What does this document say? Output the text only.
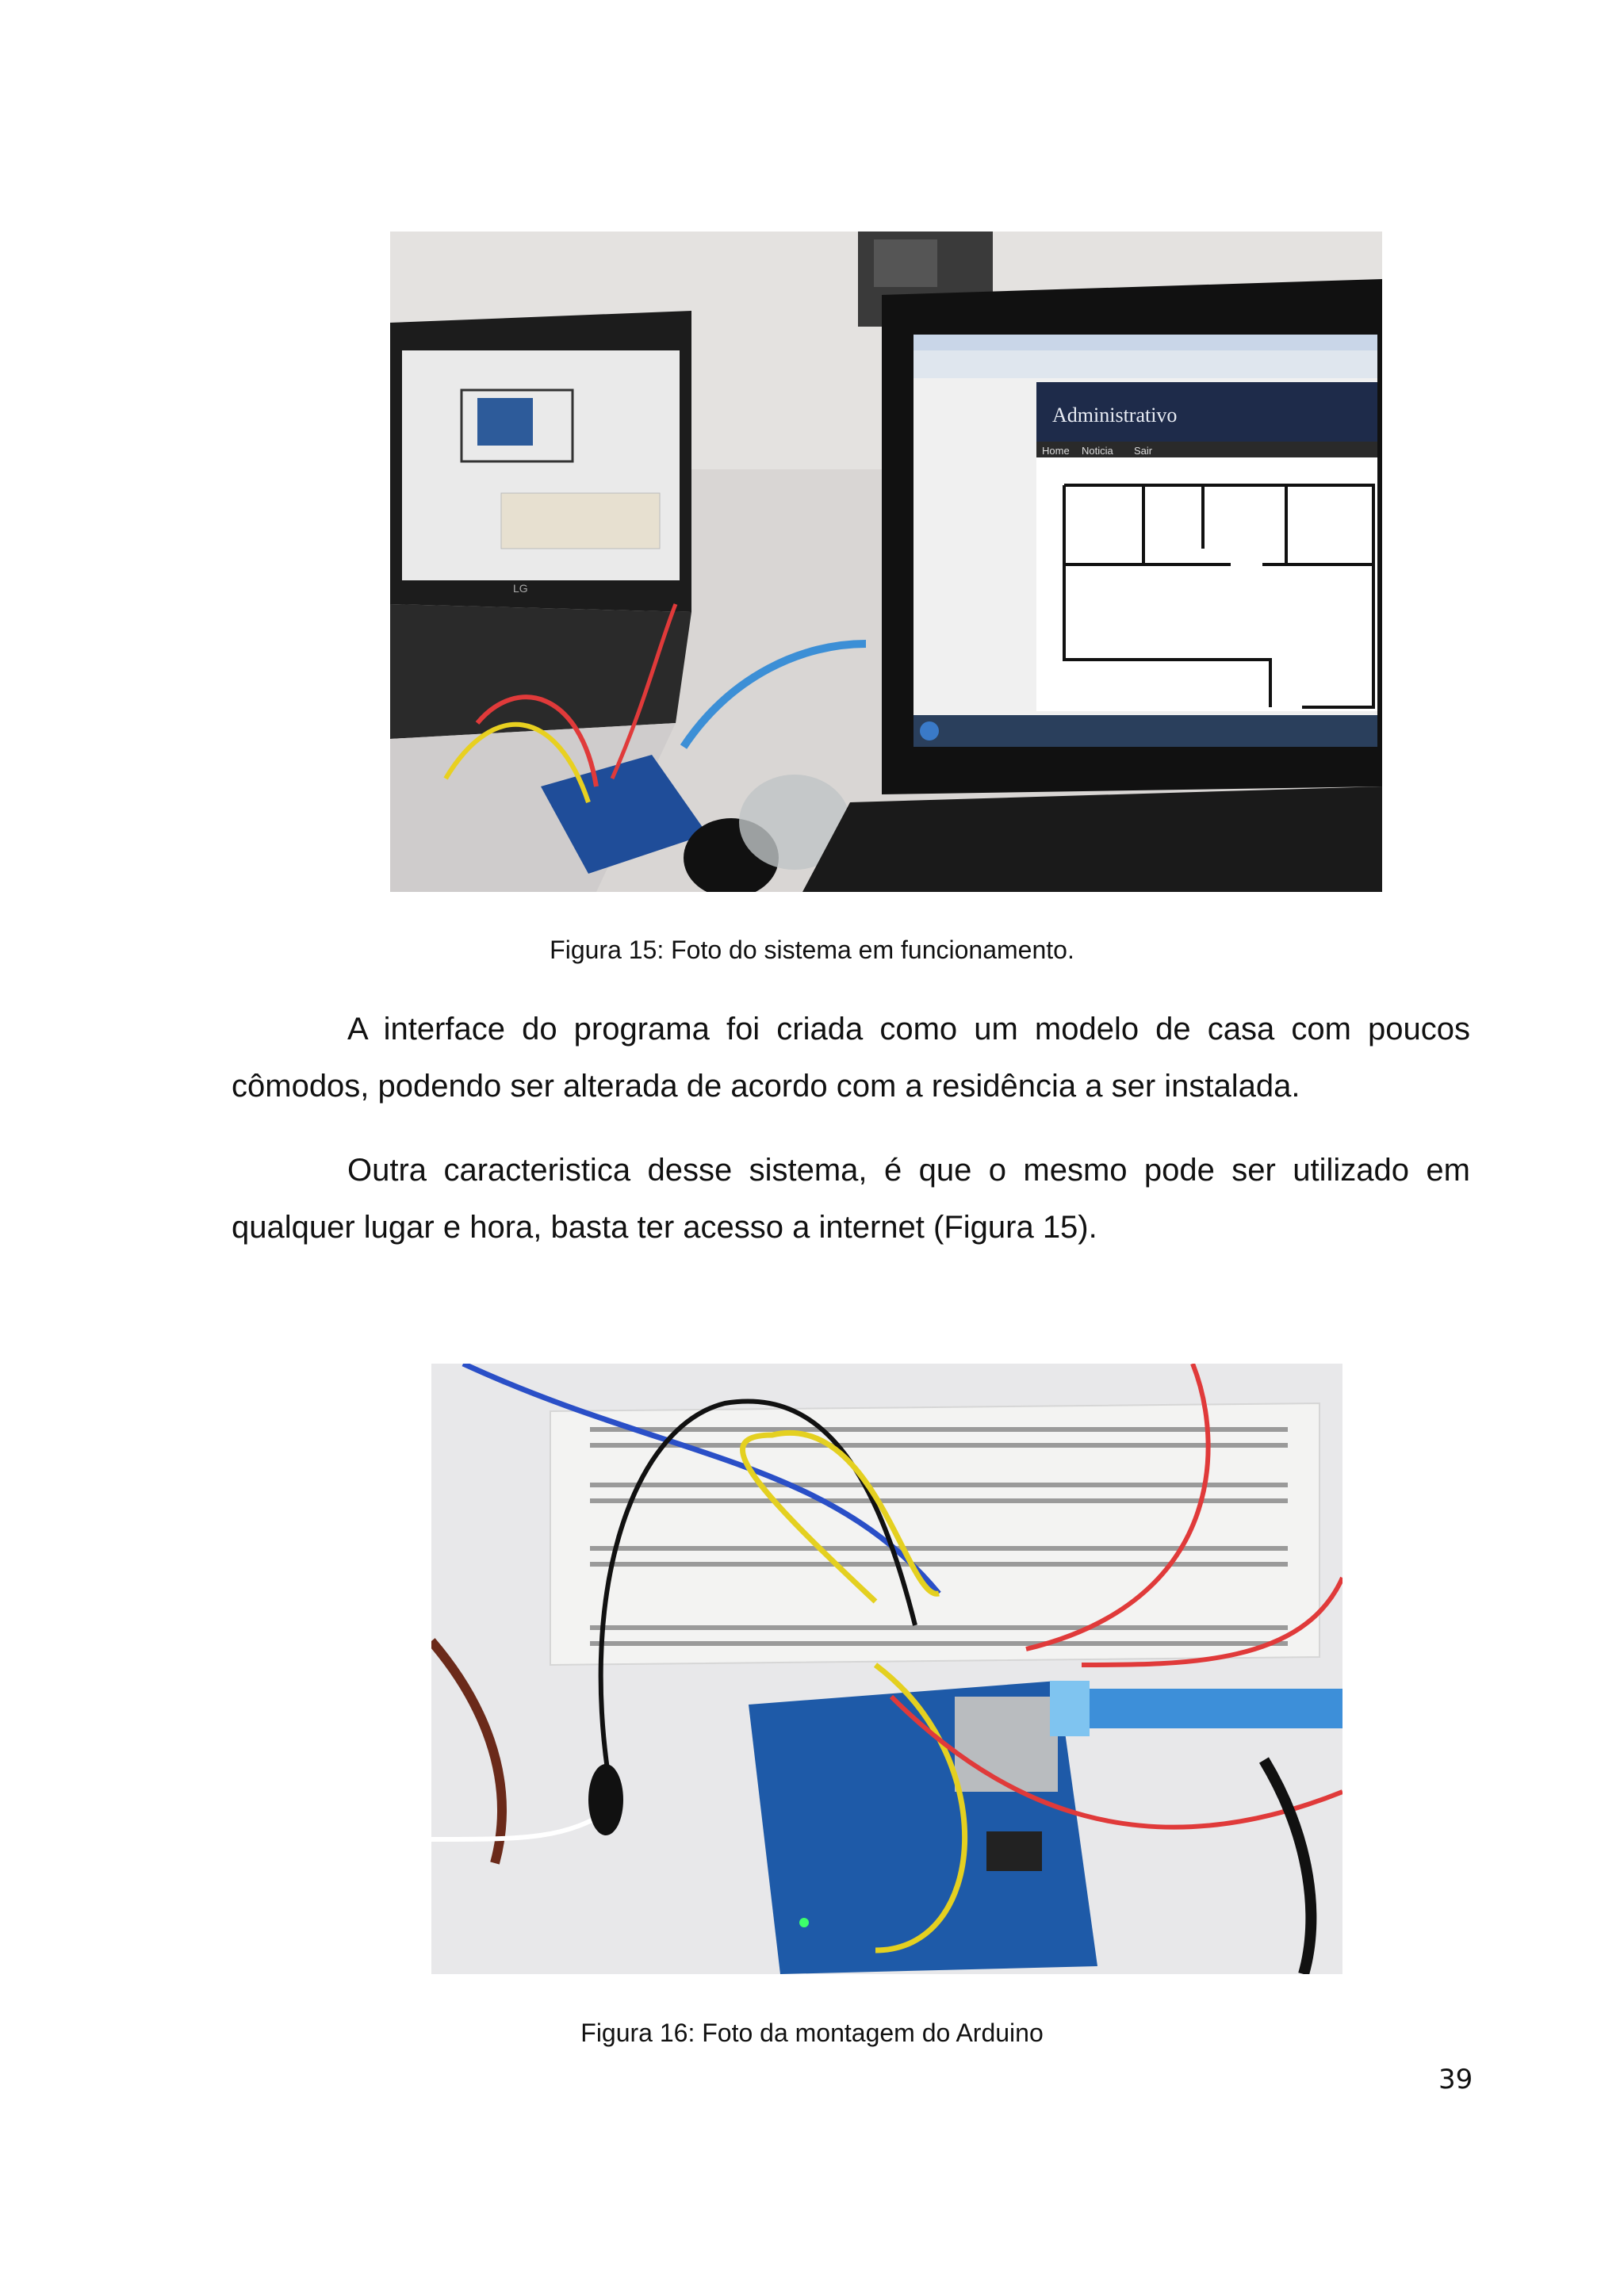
LG
Administrativo
Home Noticia Sair
Figura 15: Foto do sistema em funcionamento.

A interface do programa foi criada como um modelo de casa com poucos cômodos, podendo ser alterada de acordo com a residência a ser instalada.

Outra caracteristica desse sistema, é que o mesmo pode ser utilizado em qualquer lugar e hora, basta ter acesso a internet (Figura 15).

Figura 16: Foto da montagem do Arduino
39
